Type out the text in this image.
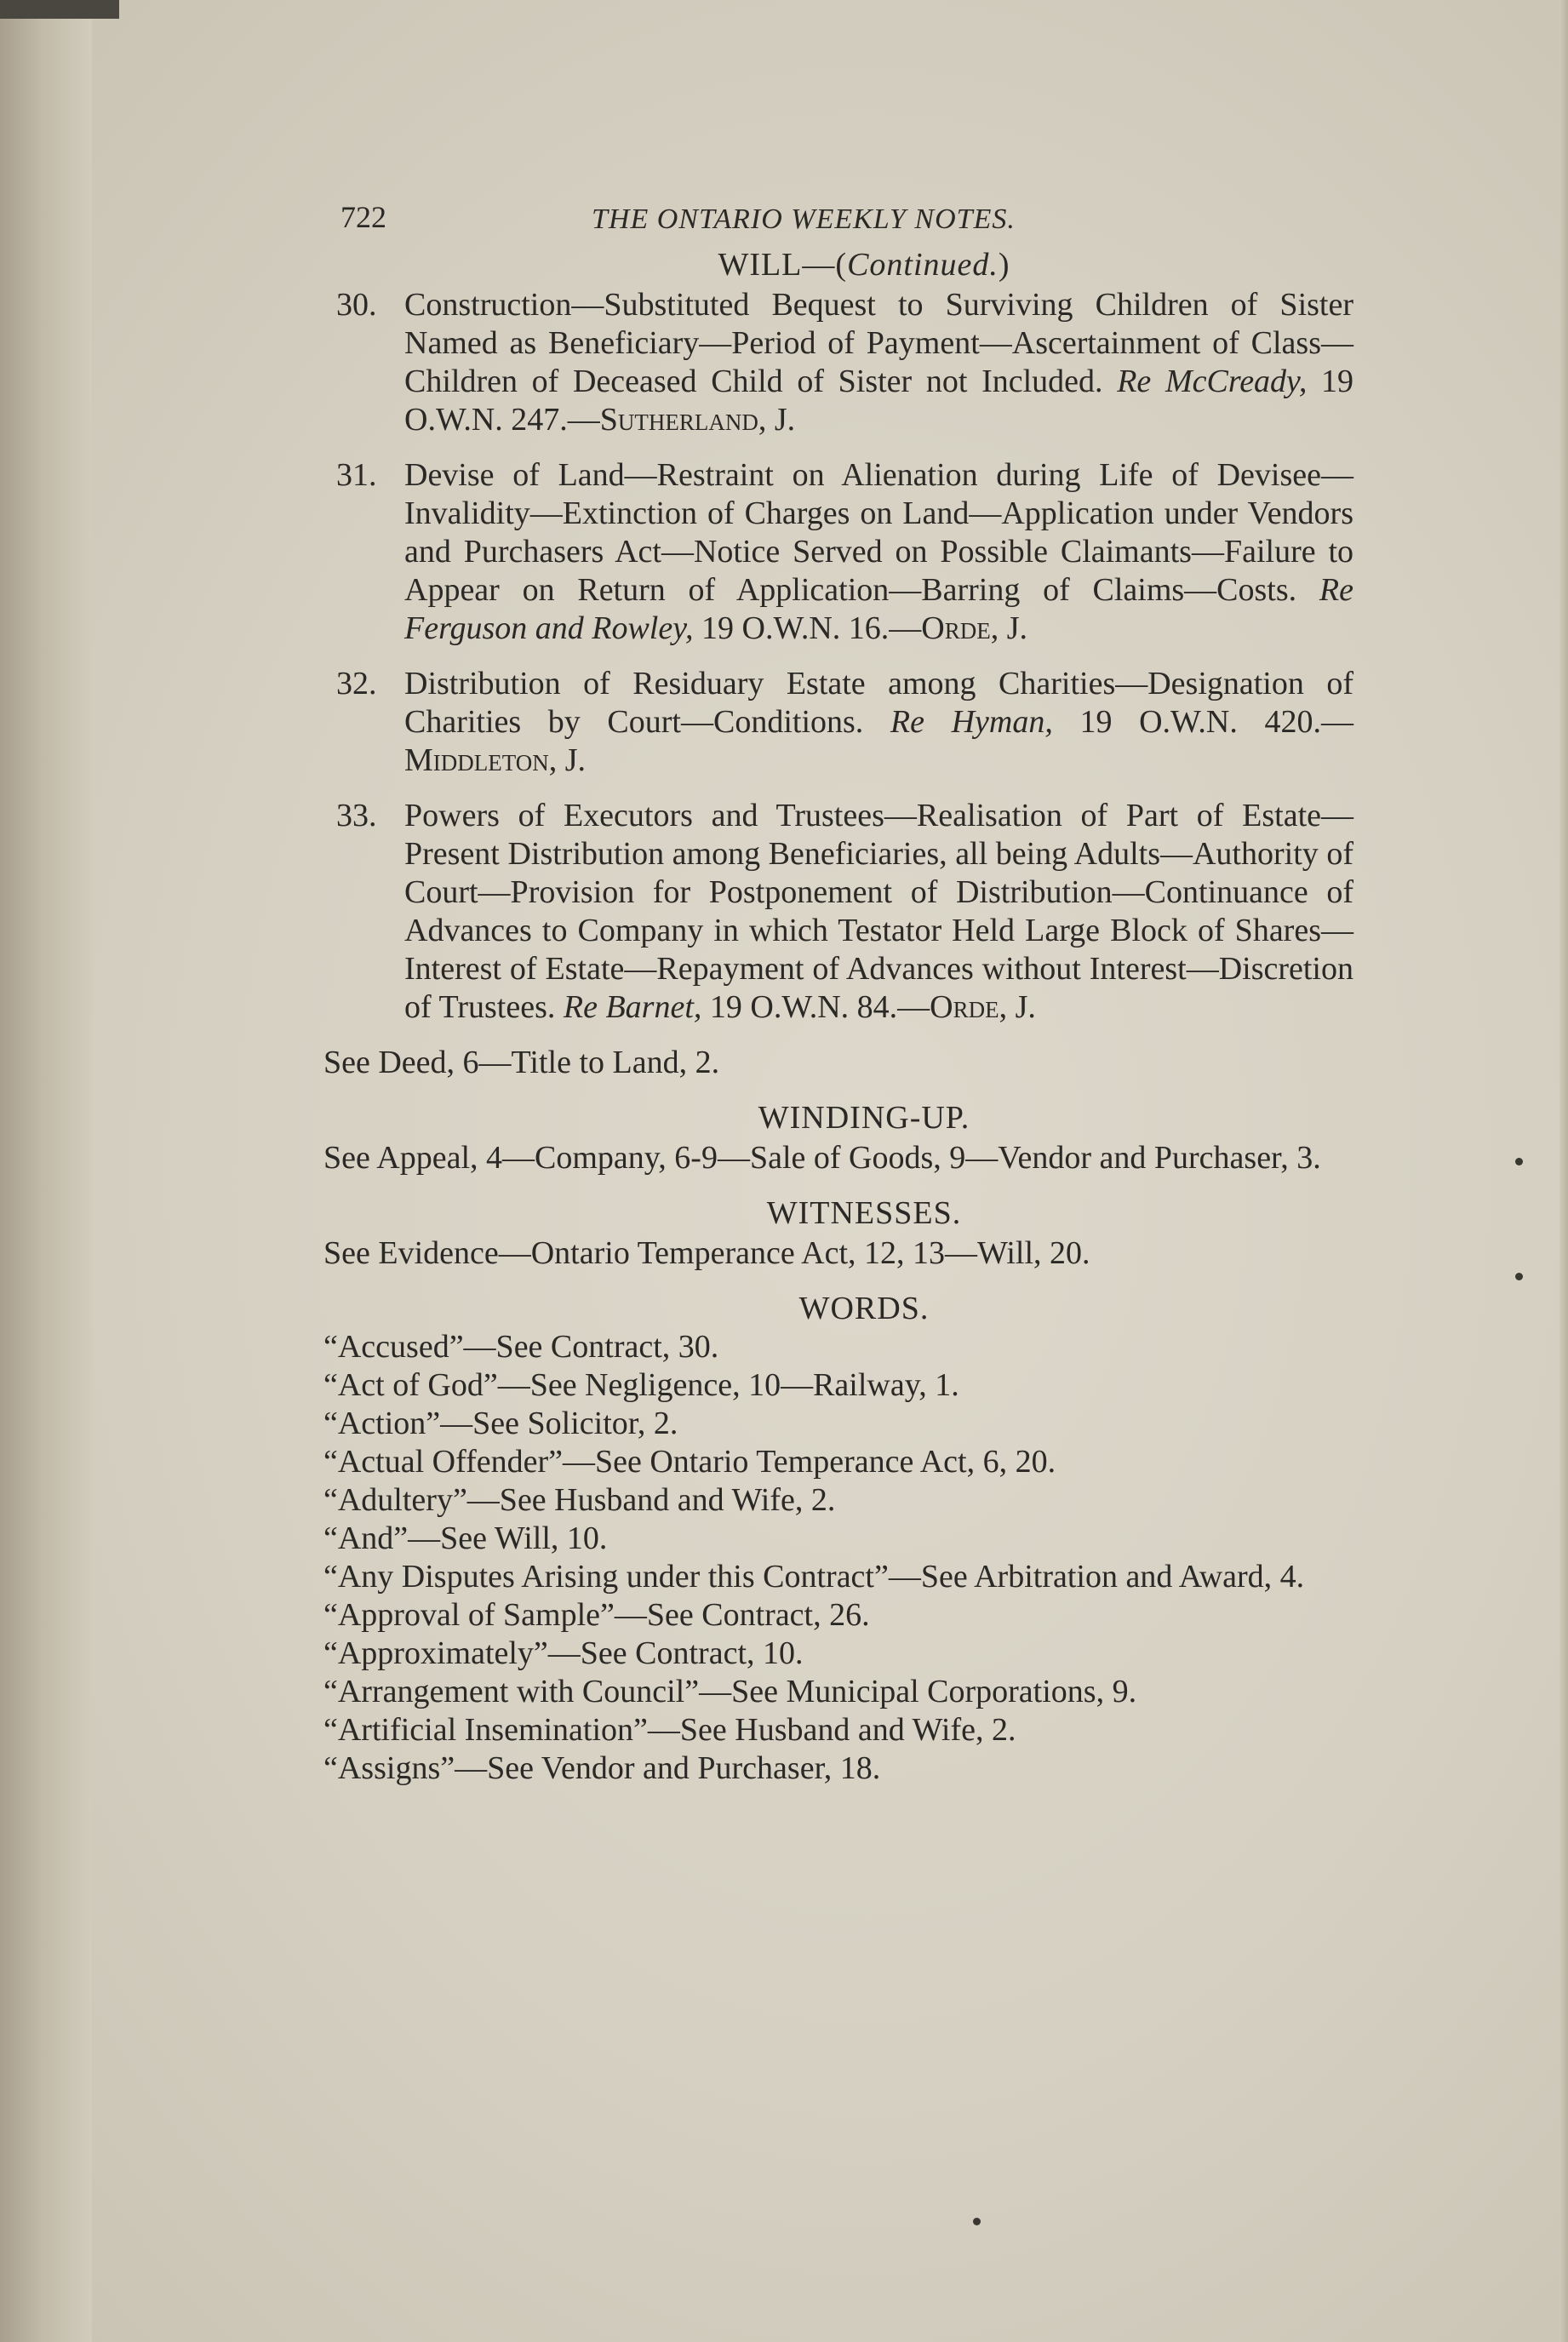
722	THE ONTARIO WEEKLY NOTES.
WILL—(Continued.)
30. Construction—Substituted Bequest to Surviving Children of Sister Named as Beneficiary—Period of Payment—Ascertainment of Class—Children of Deceased Child of Sister not Included. Re McCready, 19 O.W.N. 247.—Sutherland, J.
31. Devise of Land—Restraint on Alienation during Life of Devisee—Invalidity—Extinction of Charges on Land—Application under Vendors and Purchasers Act—Notice Served on Possible Claimants—Failure to Appear on Return of Application—Barring of Claims—Costs. Re Ferguson and Rowley, 19 O.W.N. 16.—Orde, J.
32. Distribution of Residuary Estate among Charities—Designation of Charities by Court—Conditions. Re Hyman, 19 O.W.N. 420.—Middleton, J.
33. Powers of Executors and Trustees—Realisation of Part of Estate—Present Distribution among Beneficiaries, all being Adults—Authority of Court—Provision for Postponement of Distribution—Continuance of Advances to Company in which Testator Held Large Block of Shares—Interest of Estate—Repayment of Advances without Interest—Discretion of Trustees. Re Barnet, 19 O.W.N. 84.—Orde, J.
See Deed, 6—Title to Land, 2.
WINDING-UP.
See Appeal, 4—Company, 6-9—Sale of Goods, 9—Vendor and Purchaser, 3.
WITNESSES.
See Evidence—Ontario Temperance Act, 12, 13—Will, 20.
WORDS.
“Accused”—See Contract, 30.
“Act of God”—See Negligence, 10—Railway, 1.
“Action”—See Solicitor, 2.
“Actual Offender”—See Ontario Temperance Act, 6, 20.
“Adultery”—See Husband and Wife, 2.
“And”—See Will, 10.
“Any Disputes Arising under this Contract”—See Arbitration and Award, 4.
“Approval of Sample”—See Contract, 26.
“Approximately”—See Contract, 10.
“Arrangement with Council”—See Municipal Corporations, 9.
“Artificial Insemination”—See Husband and Wife, 2.
“Assigns”—See Vendor and Purchaser, 18.
